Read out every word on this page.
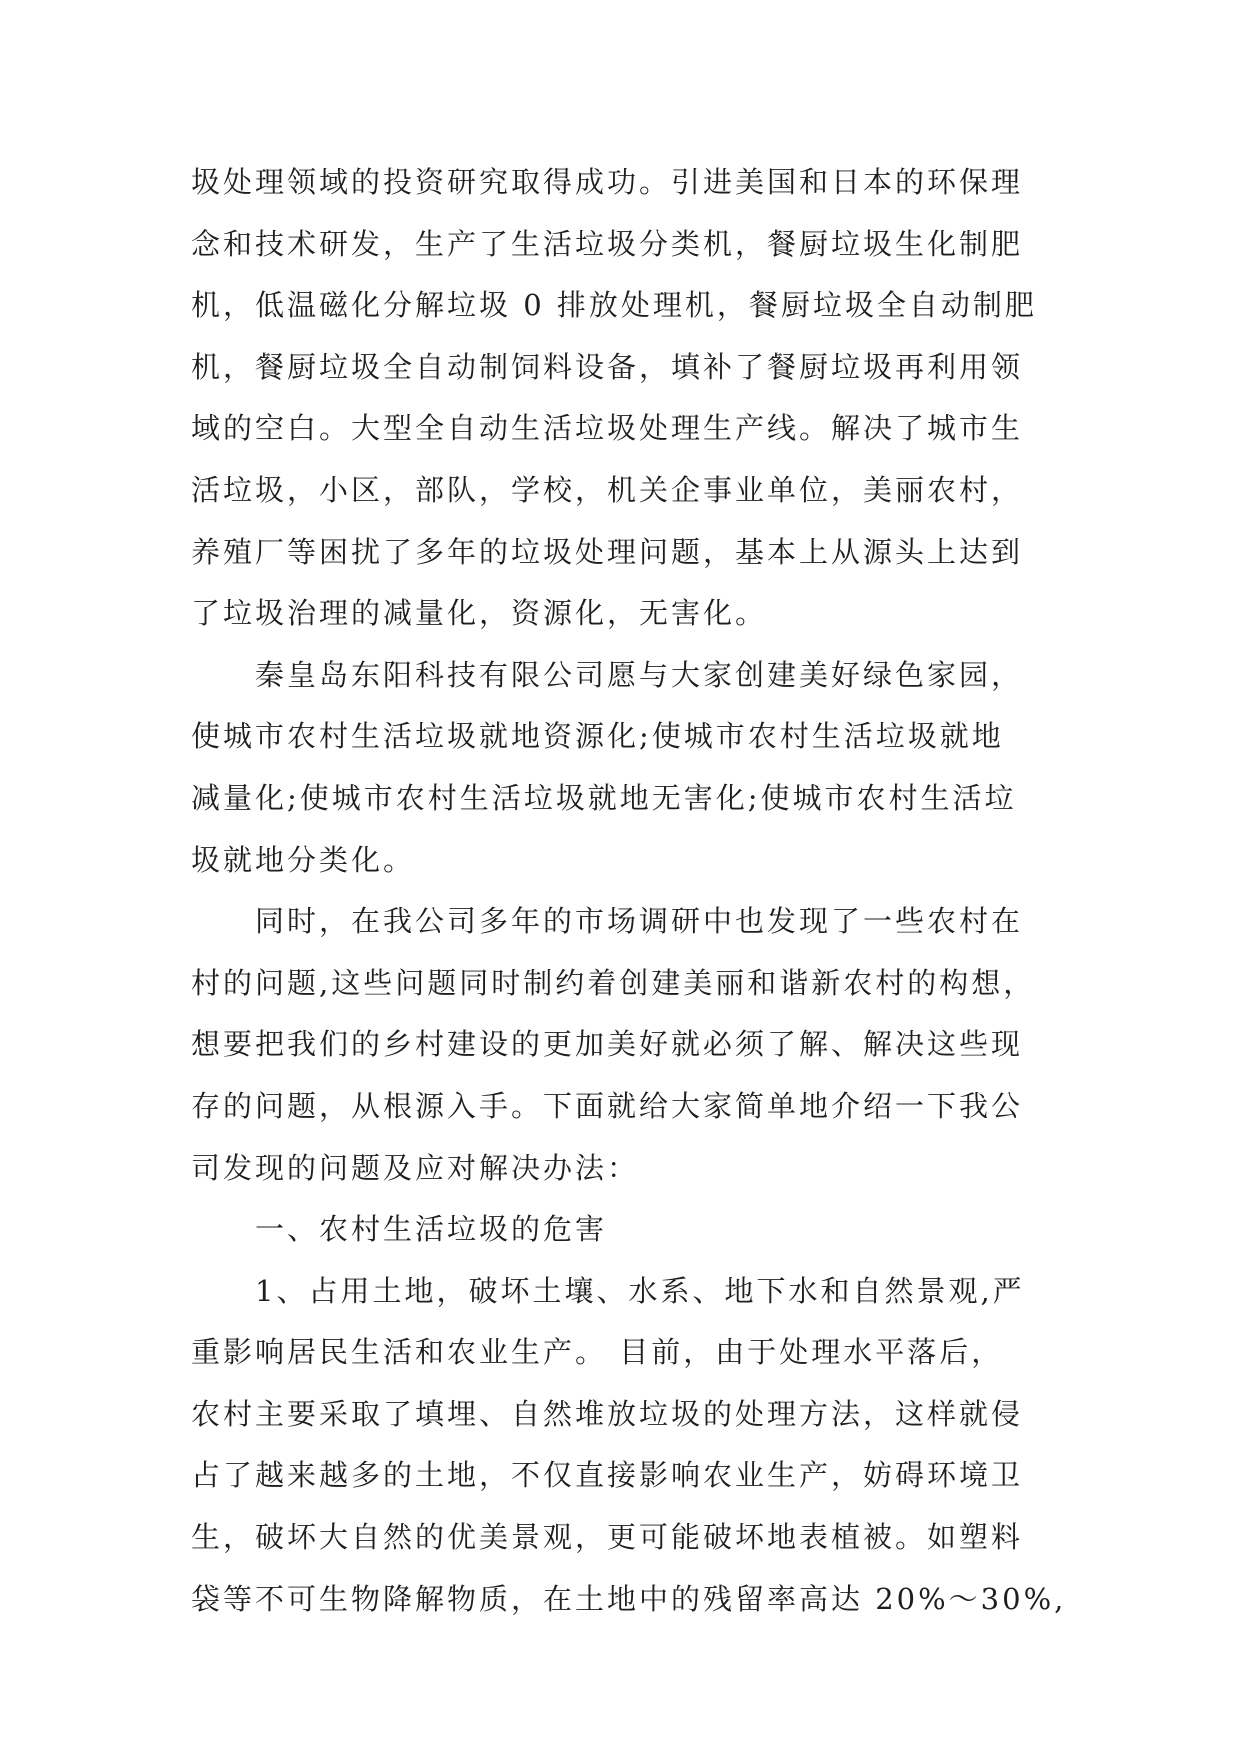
圾处理领域的投资研究取得成功。引进美国和日本的环保理
念和技术研发，生产了生活垃圾分类机，餐厨垃圾生化制肥
机，低温磁化分解垃圾 0 排放处理机，餐厨垃圾全自动制肥
机，餐厨垃圾全自动制饲料设备，填补了餐厨垃圾再利用领
域的空白。大型全自动生活垃圾处理生产线。解决了城市生
活垃圾，小区，部队，学校，机关企事业单位，美丽农村，
养殖厂等困扰了多年的垃圾处理问题，基本上从源头上达到
了垃圾治理的减量化，资源化，无害化。
秦皇岛东阳科技有限公司愿与大家创建美好绿色家园，
使城市农村生活垃圾就地资源化;使城市农村生活垃圾就地
减量化;使城市农村生活垃圾就地无害化;使城市农村生活垃
圾就地分类化。
同时，在我公司多年的市场调研中也发现了一些农村在
村的问题,这些问题同时制约着创建美丽和谐新农村的构想，
想要把我们的乡村建设的更加美好就必须了解、解决这些现
存的问题，从根源入手。下面就给大家简单地介绍一下我公
司发现的问题及应对解决办法：
一、农村生活垃圾的危害
1、占用土地，破坏土壤、水系、地下水和自然景观,严
重影响居民生活和农业生产。 目前，由于处理水平落后，
农村主要采取了填埋、自然堆放垃圾的处理方法，这样就侵
占了越来越多的土地，不仅直接影响农业生产，妨碍环境卫
生，破坏大自然的优美景观，更可能破坏地表植被。如塑料
袋等不可生物降解物质，在土地中的残留率高达 20%～30%,
